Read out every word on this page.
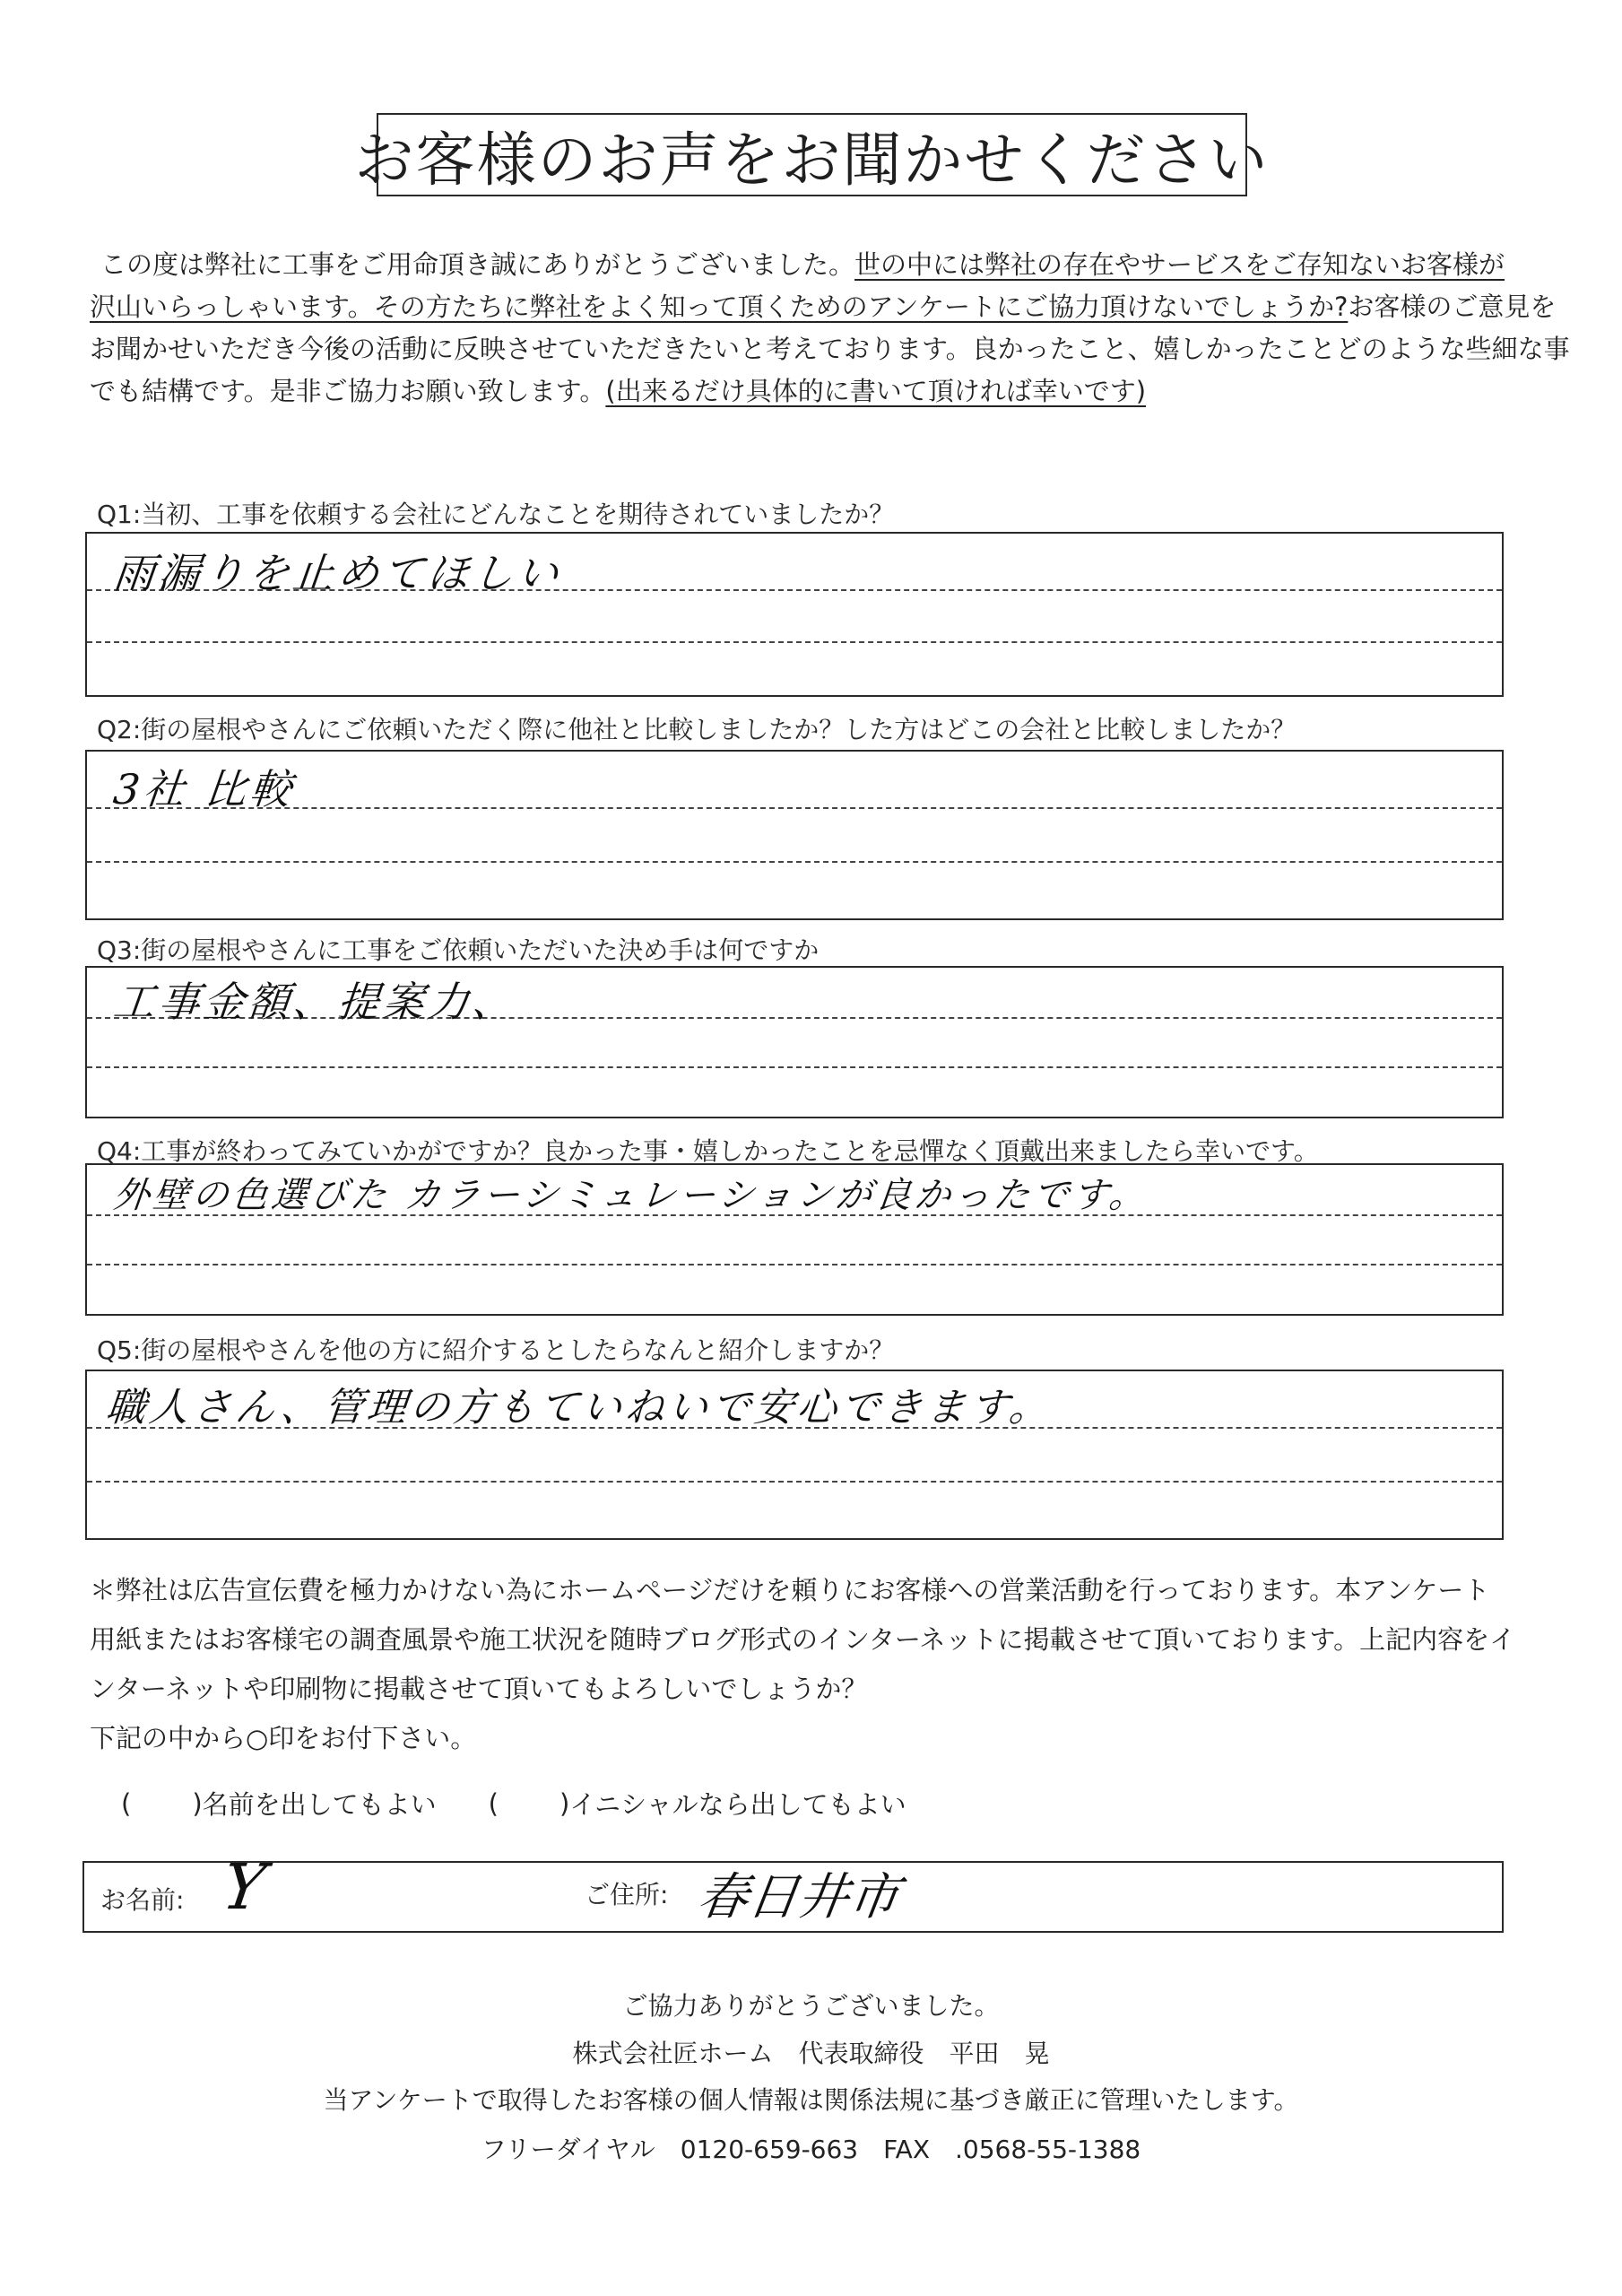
お客様のお声をお聞かせください
この度は弊社に工事をご用命頂き誠にありがとうございました。世の中には弊社の存在やサービスをご存知ないお客様が
沢山いらっしゃいます。その方たちに弊社をよく知って頂くためのアンケートにご協力頂けないでしょうか?お客様のご意見を
お聞かせいただき今後の活動に反映させていただきたいと考えております。良かったこと、嬉しかったことどのような些細な事
でも結構です。是非ご協力お願い致します。(出来るだけ具体的に書いて頂ければ幸いです)
Q1:当初、工事を依頼する会社にどんなことを期待されていましたか？
雨漏りを止めてほしい
Q2:街の屋根やさんにご依頼いただく際に他社と比較しましたか？した方はどこの会社と比較しましたか？
3社 比較
Q3:街の屋根やさんに工事をご依頼いただいた決め手は何ですか
工事金額、提案力、
Q4:工事が終わってみていかがですか？良かった事・嬉しかったことを忌憚なく頂戴出来ましたら幸いです。
外壁の色選びた カラーシミュレーションが良かったです。
Q5:街の屋根やさんを他の方に紹介するとしたらなんと紹介しますか？
職人さん、管理の方もていねいで安心できます。
＊弊社は広告宣伝費を極力かけない為にホームページだけを頼りにお客様への営業活動を行っております。本アンケート
用紙またはお客様宅の調査風景や施工状況を随時ブログ形式のインターネットに掲載させて頂いております。上記内容をイ
ンターネットや印刷物に掲載させて頂いてもよろしいでしょうか？
下記の中から○印をお付下さい。
( ) 名前を出してもよい ( ) イニシャルなら出してもよい
お名前: Y	ご住所: 春日井市
ご協力ありがとうございました。
株式会社匠ホーム　代表取締役　平田　晃
当アンケートで取得したお客様の個人情報は関係法規に基づき厳正に管理いたします。
フリーダイヤル　0120-659-663　FAX　.0568-55-1388
